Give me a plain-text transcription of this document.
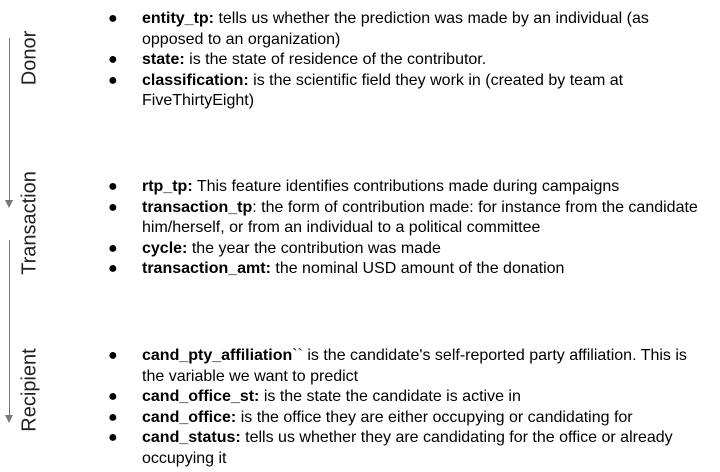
Donor
Transaction
Recipient
● entity_tp: tells us whether the prediction was made by an individual (as opposed to an organization)
● state: is the state of residence of the contributor.
● classification: is the scientific field they work in (created by team at FiveThirtyEight)
● rtp_tp: This feature identifies contributions made during campaigns
● transaction_tp: the form of contribution made: for instance from the candidate him/herself, or from an individual to a political committee
● cycle: the year the contribution was made
● transaction_amt: the nominal USD amount of the donation
● cand_pty_affiliation`` is the candidate's self-reported party affiliation. This is the variable we want to predict
● cand_office_st: is the state the candidate is active in
● cand_office: is the office they are either occupying or candidating for
● cand_status: tells us whether they are candidating for the office or already occupying it
